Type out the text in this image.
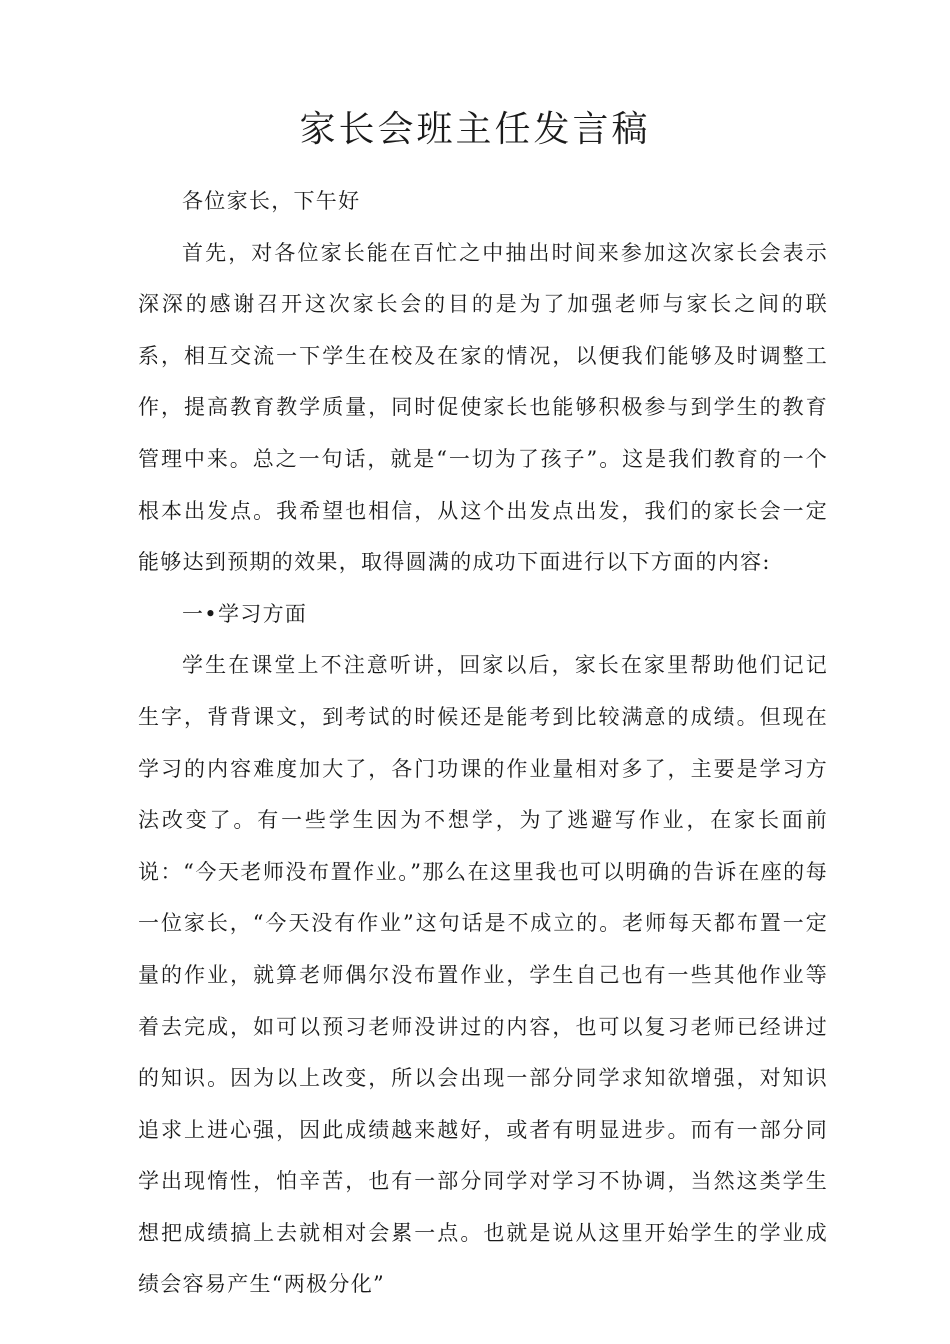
家长会班主任发言稿

各位家长，下午好

首先，对各位家长能在百忙之中抽出时间来参加这次家长会表示深深的感谢召开这次家长会的目的是为了加强老师与家长之间的联系，相互交流一下学生在校及在家的情况，以便我们能够及时调整工作，提高教育教学质量，同时促使家长也能够积极参与到学生的教育管理中来。总之一句话，就是“一切为了孩子”。这是我们教育的一个根本出发点。我希望也相信，从这个出发点出发，我们的家长会一定能够达到预期的效果，取得圆满的成功下面进行以下方面的内容:

一•学习方面

学生在课堂上不注意听讲，回家以后，家长在家里帮助他们记记生字，背背课文，到考试的时候还是能考到比较满意的成绩。但现在学习的内容难度加大了，各门功课的作业量相对多了，主要是学习方法改变了。有一些学生因为不想学，为了逃避写作业，在家长面前说：“今天老师没布置作业。”那么在这里我也可以明确的告诉在座的每一位家长，“今天没有作业”这句话是不成立的。老师每天都布置一定量的作业，就算老师偶尔没布置作业，学生自己也有一些其他作业等着去完成，如可以预习老师没讲过的内容，也可以复习老师已经讲过的知识。因为以上改变，所以会出现一部分同学求知欲增强，对知识追求上进心强，因此成绩越来越好，或者有明显进步。而有一部分同学出现惰性，怕辛苦，也有一部分同学对学习不协调，当然这类学生想把成绩搞上去就相对会累一点。也就是说从这里开始学生的学业成绩会容易产生“两极分化”
